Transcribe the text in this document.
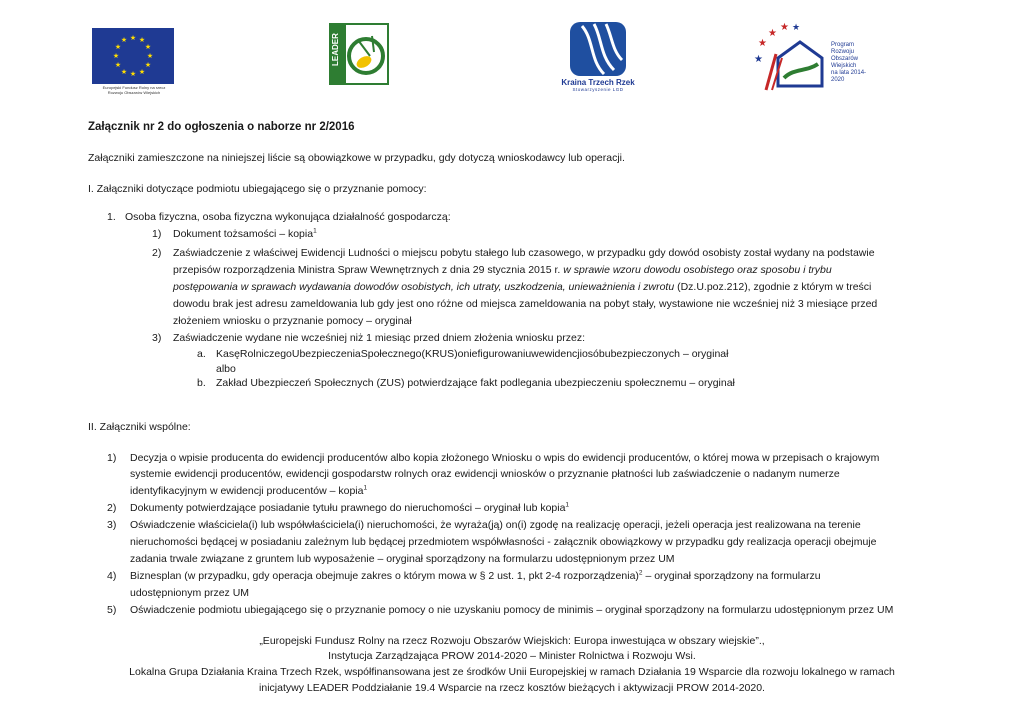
★ ★
★
★
★
★
★
★
★
★
★
★
Europejski Fundusz Rolny na rzecz
Rozwoju Obszarów Wiejskich
LEADER
Kraina Trzech Rzek
Stowarzyszenie LGD
★
★
★
★
★
Program
Rozwoju
Obszarów
Wiejskich
na lata 2014-2020
Załącznik nr 2 do ogłoszenia o naborze nr 2/2016
Załączniki zamieszczone na niniejszej liście są obowiązkowe w przypadku, gdy dotyczą wnioskodawcy lub operacji.
I. Załączniki dotyczące podmiotu ubiegającego się o przyznanie pomocy:
1. Osoba fizyczna, osoba fizyczna wykonująca działalność gospodarczą:
1) Dokument tożsamości – kopia$^1$
2) Zaświadczenie z właściwej Ewidencji Ludności o miejscu pobytu stałego lub czasowego, w przypadku gdy dowód osobisty został wydany na podstawie
przepisów rozporządzenia Ministra Spraw Wewnętrznych z dnia 29 stycznia 2015 r. w sprawie wzoru dowodu osobistego oraz sposobu i trybu
postępowania w sprawach wydawania dowodów osobistych, ich utraty, uszkodzenia, unieważnienia i zwrotu (Dz.U.poz.212), zgodnie z którym w treści
dowodu brak jest adresu zameldowania lub gdy jest ono różne od miejsca zameldowania na pobyt stały, wystawione nie wcześniej niż 3 miesiące przed
złożeniem wniosku o przyznanie pomocy – oryginał
3) Zaświadczenie wydane nie wcześniej niż 1 miesiąc przed dniem złożenia wniosku przez:
a. KasęRolniczegoUbezpieczeniaSpołecznego(KRUS)oniefigurowaniuwewidencjiosóbubezpieczonych – oryginał
albo
b. Zakład Ubezpieczeń Społecznych (ZUS) potwierdzające fakt podlegania ubezpieczeniu społecznemu – oryginał
II. Załączniki wspólne:
1) Decyzja o wpisie producenta do ewidencji producentów albo kopia złożonego Wniosku o wpis do ewidencji producentów, o której mowa w przepisach o krajowym
systemie ewidencji producentów, ewidencji gospodarstw rolnych oraz ewidencji wniosków o przyznanie płatności lub zaświadczenie o nadanym numerze
identyfikacyjnym w ewidencji producentów – kopia$^1$
2) Dokumenty potwierdzające posiadanie tytułu prawnego do nieruchomości – oryginał lub kopia$^1$
3) Oświadczenie właściciela(i) lub współwłaściciela(i) nieruchomości, że wyraża(ją) on(i) zgodę na realizację operacji, jeżeli operacja jest realizowana na terenie
nieruchomości będącej w posiadaniu zależnym lub będącej przedmiotem współwłasności - załącznik obowiązkowy w przypadku gdy realizacja operacji obejmuje
zadania trwale związane z gruntem lub wyposażenie – oryginał sporządzony na formularzu udostępnionym przez UM
4) Biznesplan (w przypadku, gdy operacja obejmuje zakres o którym mowa w § 2 ust. 1, pkt 2-4 rozporządzenia)$^2$ – oryginał sporządzony na formularzu
udostępnionym przez UM
5) Oświadczenie podmiotu ubiegającego się o przyznanie pomocy o nie uzyskaniu pomocy de minimis – oryginał sporządzony na formularzu udostępnionym przez UM
„Europejski Fundusz Rolny na rzecz Rozwoju Obszarów Wiejskich: Europa inwestująca w obszary wiejskie”.,
Instytucja Zarządzająca PROW 2014-2020 – Minister Rolnictwa i Rozwoju Wsi.
Lokalna Grupa Działania Kraina Trzech Rzek, współfinansowana jest ze środków Unii Europejskiej w ramach Działania 19 Wsparcie dla rozwoju lokalnego w ramach
inicjatywy LEADER Poddziałanie 19.4 Wsparcie na rzecz kosztów bieżących i aktywizacji PROW 2014-2020.
